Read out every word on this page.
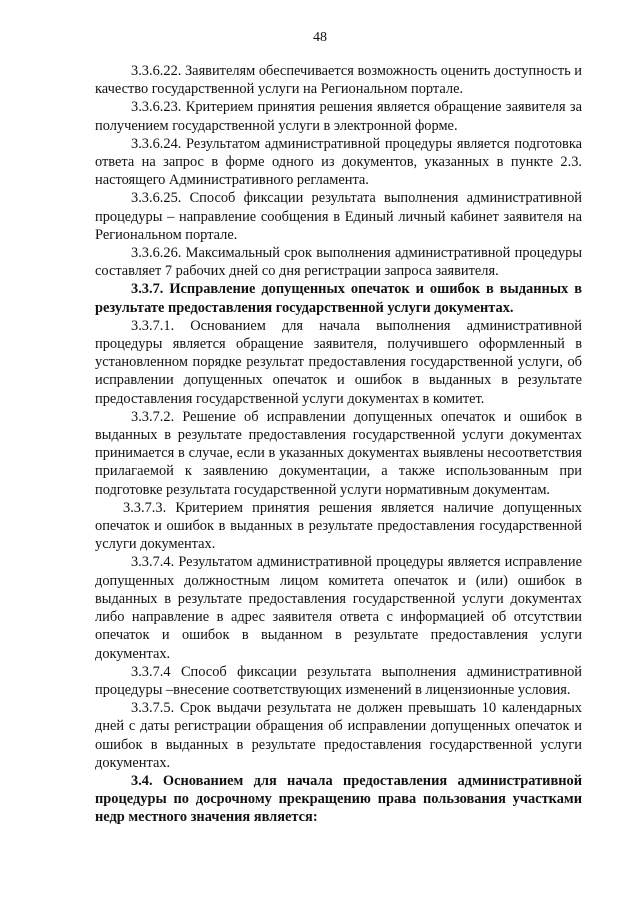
48

3.3.6.22. Заявителям обеспечивается возможность оценить доступность и качество государственной услуги на Региональном портале.

3.3.6.23. Критерием принятия решения является обращение заявителя за получением государственной услуги в электронной форме.

3.3.6.24. Результатом административной процедуры является подготовка ответа на запрос в форме одного из документов, указанных в пункте 2.3. настоящего Административного регламента.

3.3.6.25. Способ фиксации результата выполнения административной процедуры – направление сообщения в Единый личный кабинет заявителя на Региональном портале.

3.3.6.26. Максимальный срок выполнения административной процедуры составляет 7 рабочих дней со дня регистрации запроса заявителя.

3.3.7. Исправление допущенных опечаток и ошибок в выданных в результате предоставления государственной услуги документах.

3.3.7.1. Основанием для начала выполнения административной процедуры является обращение заявителя, получившего оформленный в установленном порядке результат предоставления государственной услуги, об исправлении допущенных опечаток и ошибок в выданных в результате предоставления государственной услуги документах в комитет.

3.3.7.2. Решение об исправлении допущенных опечаток и ошибок в выданных в результате предоставления государственной услуги документах принимается в случае, если в указанных документах выявлены несоответствия прилагаемой к заявлению документации, а также использованным при подготовке результата государственной услуги нормативным документам.

3.3.7.3. Критерием принятия решения является наличие допущенных опечаток и ошибок в выданных в результате предоставления государственной услуги документах.

3.3.7.4. Результатом административной процедуры является исправление допущенных должностным лицом комитета опечаток и (или) ошибок в выданных в результате предоставления государственной услуги документах либо направление в адрес заявителя ответа с информацией об отсутствии опечаток и ошибок в выданном в результате предоставления услуги документах.

3.3.7.4 Способ фиксации результата выполнения административной процедуры –внесение соответствующих изменений в лицензионные условия.

3.3.7.5. Срок выдачи результата не должен превышать 10 календарных дней с даты регистрации обращения об исправлении допущенных опечаток и ошибок в выданных в результате предоставления государственной услуги документах.

3.4. Основанием для начала предоставления административной процедуры по досрочному прекращению права пользования участками недр местного значения является:
